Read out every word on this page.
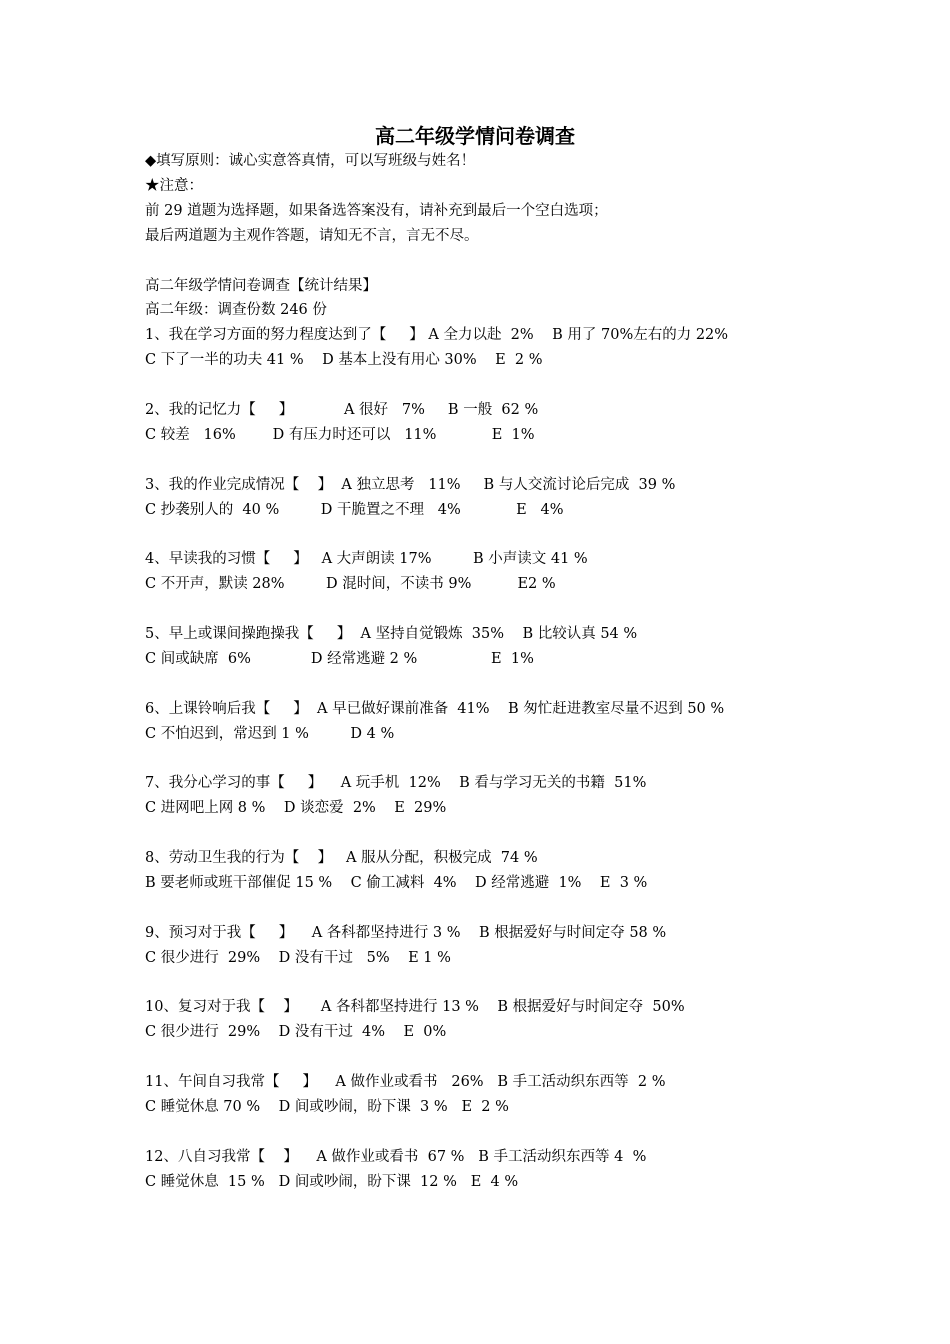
高二年级学情问卷调查
◆填写原则：诚心实意答真情，可以写班级与姓名！
★注意：
前 29 道题为选择题，如果备选答案没有，请补充到最后一个空白选项；
最后两道题为主观作答题，请知无不言，言无不尽。
高二年级学情问卷调查【统计结果】
高二年级：调查份数 246 份
1、我在学习方面的努力程度达到了【     】 A 全力以赴  2%    B 用了 70%左右的力 22%
C 下了一半的功夫 41 %    D 基本上没有用心 30%    E  2 %
2、我的记忆力【     】           A 很好   7%     B 一般  62 %
C 较差   16%        D 有压力时还可以   11%            E  1%
3、我的作业完成情况【    】  A 独立思考   11%     B 与人交流讨论后完成  39 %
C 抄袭别人的  40 %         D 干脆置之不理   4%            E   4%
4、早读我的习惯【     】   A 大声朗读 17%         B 小声读文 41 %
C 不开声，默读 28%         D 混时间，不读书 9%          E2 %
5、早上或课间操跑操我【     】  A 坚持自觉锻炼  35%    B 比较认真 54 %
C 间或缺席  6%             D 经常逃避 2 %                E  1%
6、上课铃响后我【     】  A 早已做好课前准备  41%    B 匆忙赶进教室尽量不迟到 50 %
C 不怕迟到，常迟到 1 %         D 4 %
7、我分心学习的事【     】    A 玩手机  12%    B 看与学习无关的书籍  51%
C 进网吧上网 8 %    D 谈恋爱  2%    E  29%
8、劳动卫生我的行为【    】   A 服从分配，积极完成  74 %
B 要老师或班干部催促 15 %    C 偷工减料  4%    D 经常逃避  1%    E  3 %
9、预习对于我【     】    A 各科都坚持进行 3 %    B 根据爱好与时间定夺 58 %
C 很少进行  29%    D 没有干过   5%    E 1 %
10、复习对于我【    】     A 各科都坚持进行 13 %    B 根据爱好与时间定夺  50%
C 很少进行  29%    D 没有干过  4%    E  0%
11、午间自习我常【     】    A 做作业或看书   26%   B 手工活动织东西等  2 %
C 睡觉休息 70 %    D 间或吵闹，盼下课  3 %   E  2 %
12、八自习我常【    】    A 做作业或看书  67 %   B 手工活动织东西等 4  %
C 睡觉休息  15 %   D 间或吵闹，盼下课  12 %   E  4 %
